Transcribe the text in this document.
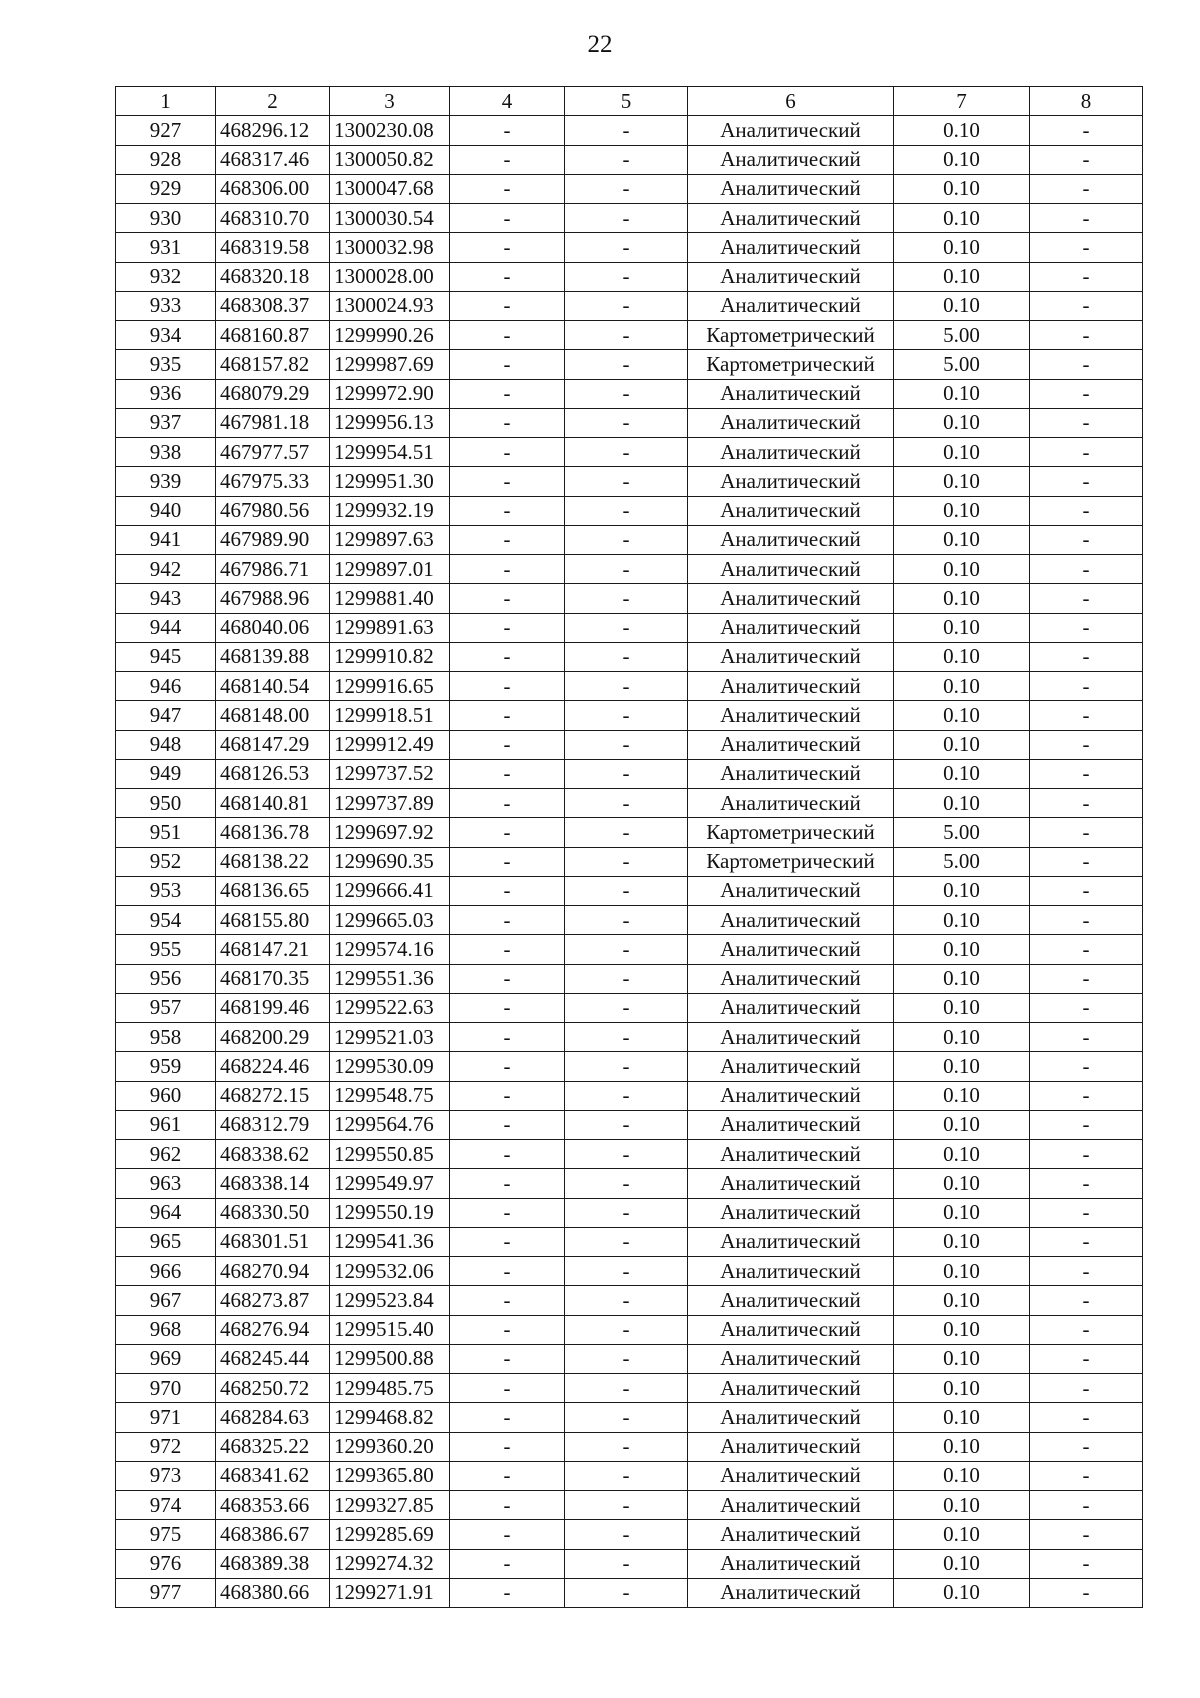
22
1	2	3	4	5	6	7	8
927	468296.12	1300230.08	-	-	Аналитический	0.10	-
928	468317.46	1300050.82	-	-	Аналитический	0.10	-
929	468306.00	1300047.68	-	-	Аналитический	0.10	-
930	468310.70	1300030.54	-	-	Аналитический	0.10	-
931	468319.58	1300032.98	-	-	Аналитический	0.10	-
932	468320.18	1300028.00	-	-	Аналитический	0.10	-
933	468308.37	1300024.93	-	-	Аналитический	0.10	-
934	468160.87	1299990.26	-	-	Картометрический	5.00	-
935	468157.82	1299987.69	-	-	Картометрический	5.00	-
936	468079.29	1299972.90	-	-	Аналитический	0.10	-
937	467981.18	1299956.13	-	-	Аналитический	0.10	-
938	467977.57	1299954.51	-	-	Аналитический	0.10	-
939	467975.33	1299951.30	-	-	Аналитический	0.10	-
940	467980.56	1299932.19	-	-	Аналитический	0.10	-
941	467989.90	1299897.63	-	-	Аналитический	0.10	-
942	467986.71	1299897.01	-	-	Аналитический	0.10	-
943	467988.96	1299881.40	-	-	Аналитический	0.10	-
944	468040.06	1299891.63	-	-	Аналитический	0.10	-
945	468139.88	1299910.82	-	-	Аналитический	0.10	-
946	468140.54	1299916.65	-	-	Аналитический	0.10	-
947	468148.00	1299918.51	-	-	Аналитический	0.10	-
948	468147.29	1299912.49	-	-	Аналитический	0.10	-
949	468126.53	1299737.52	-	-	Аналитический	0.10	-
950	468140.81	1299737.89	-	-	Аналитический	0.10	-
951	468136.78	1299697.92	-	-	Картометрический	5.00	-
952	468138.22	1299690.35	-	-	Картометрический	5.00	-
953	468136.65	1299666.41	-	-	Аналитический	0.10	-
954	468155.80	1299665.03	-	-	Аналитический	0.10	-
955	468147.21	1299574.16	-	-	Аналитический	0.10	-
956	468170.35	1299551.36	-	-	Аналитический	0.10	-
957	468199.46	1299522.63	-	-	Аналитический	0.10	-
958	468200.29	1299521.03	-	-	Аналитический	0.10	-
959	468224.46	1299530.09	-	-	Аналитический	0.10	-
960	468272.15	1299548.75	-	-	Аналитический	0.10	-
961	468312.79	1299564.76	-	-	Аналитический	0.10	-
962	468338.62	1299550.85	-	-	Аналитический	0.10	-
963	468338.14	1299549.97	-	-	Аналитический	0.10	-
964	468330.50	1299550.19	-	-	Аналитический	0.10	-
965	468301.51	1299541.36	-	-	Аналитический	0.10	-
966	468270.94	1299532.06	-	-	Аналитический	0.10	-
967	468273.87	1299523.84	-	-	Аналитический	0.10	-
968	468276.94	1299515.40	-	-	Аналитический	0.10	-
969	468245.44	1299500.88	-	-	Аналитический	0.10	-
970	468250.72	1299485.75	-	-	Аналитический	0.10	-
971	468284.63	1299468.82	-	-	Аналитический	0.10	-
972	468325.22	1299360.20	-	-	Аналитический	0.10	-
973	468341.62	1299365.80	-	-	Аналитический	0.10	-
974	468353.66	1299327.85	-	-	Аналитический	0.10	-
975	468386.67	1299285.69	-	-	Аналитический	0.10	-
976	468389.38	1299274.32	-	-	Аналитический	0.10	-
977	468380.66	1299271.91	-	-	Аналитический	0.10	-
